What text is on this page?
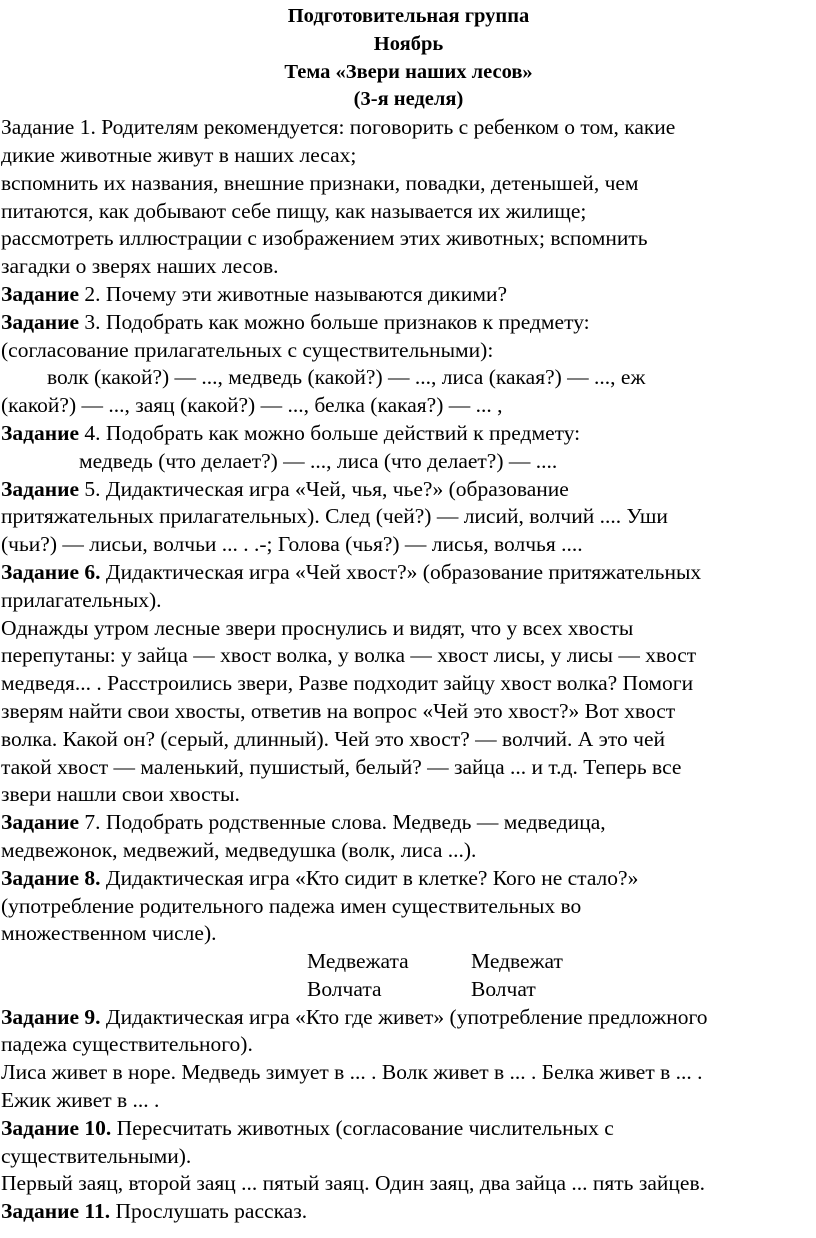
Подготовительная группа
Ноябрь
Тема «Звери наших лесов»
(3-я неделя)
Задание 1. Родителям рекомендуется: поговорить с ребенком о том, какие
дикие животные живут в наших лесах;
вспомнить их названия, внешние признаки, повадки, детенышей, чем
питаются, как добывают себе пищу, как называется их жилище;
рассмотреть иллюстрации с изображением этих животных; вспомнить
загадки о зверях наших лесов.
Задание 2. Почему эти животные называются дикими?
Задание 3. Подобрать как можно больше признаков к предмету:
(согласование прилагательных с существительными):
волк (какой?) — ..., медведь (какой?) — ..., лиса (какая?) — ..., еж
(какой?) — ..., заяц (какой?) — ..., белка (какая?) — ... ,
Задание 4. Подобрать как можно больше действий к предмету:
медведь (что делает?) — ..., лиса (что делает?) — ....
Задание 5. Дидактическая игра «Чей, чья, чье?» (образование
притяжательных прилагательных). След (чей?) — лисий, волчий .... Уши
(чьи?) — лисьи, волчьи ... . .-; Голова (чья?) — лисья, волчья ....
Задание 6. Дидактическая игра «Чей хвост?» (образование притяжательных
прилагательных).
Однажды утром лесные звери проснулись и видят, что у всех хвосты
перепутаны: у зайца — хвост волка, у волка — хвост лисы, у лисы — хвост
медведя... . Расстроились звери, Разве подходит зайцу хвост волка? Помоги
зверям найти свои хвосты, ответив на вопрос «Чей это хвост?» Вот хвост
волка. Какой он? (серый, длинный). Чей это хвост? — волчий. А это чей
такой хвост — маленький, пушистый, белый? — зайца ... и т.д. Теперь все
звери нашли свои хвосты.
Задание 7. Подобрать родственные слова. Медведь — медведица,
медвежонок, медвежий, медведушка (волк, лиса ...).
Задание 8. Дидактическая игра «Кто сидит в клетке? Кого не стало?»
(употребление родительного падежа имен существительных во
множественном числе).
Медвежата	Медвежат
Волчата	Волчат
Задание 9. Дидактическая игра «Кто где живет» (употребление предложного
падежа существительного).
Лиса живет в норе. Медведь зимует в ... . Волк живет в ... . Белка живет в ... .
Ежик живет в ... .
Задание 10. Пересчитать животных (согласование числительных с
существительными).
Первый заяц, второй заяц ... пятый заяц. Один заяц, два зайца ... пять зайцев.
Задание 11. Прослушать рассказ.
